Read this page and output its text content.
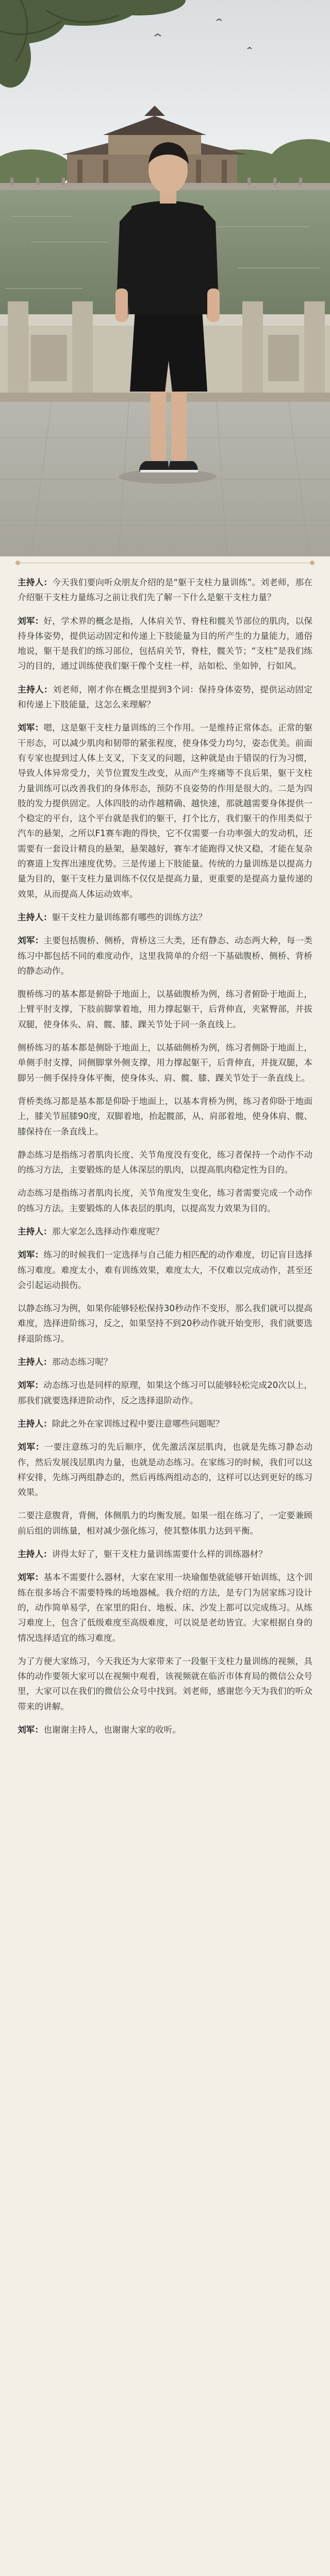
主持人：今天我们要向听众朋友介绍的是“躯干支柱力量训练”。刘老师，那在介绍躯干支柱力量练习之前让我们先了解一下什么是躯干支柱力量？

刘军：好，学术界的概念是指，人体肩关节、脊柱和髋关节部位的肌肉，以保持身体姿势，提供运动固定和传递上下肢能量为目的所产生的力量能力，通俗地说，躯干是我们的练习部位，包括肩关节，脊柱，髋关节；“支柱”是我们练习的目的，通过训练使我们躯干像个支柱一样，站如松、坐如钟，行如风。

主持人：刘老师，刚才你在概念里提到3个词：保持身体姿势，提供运动固定和传递上下肢能量，这怎么来理解？

刘军：嗯，这是躯干支柱力量训练的三个作用。一是维持正常体态。正常的躯干形态，可以减少肌肉和韧带的紧张程度，使身体受力均匀，姿态优美。前面有专家也提到过人体上支叉，下支叉的问题，这种就是由于错误的行为习惯，导致人体异常受力，关节位置发生改变，从而产生疼痛等不良后果，躯干支柱力量训练可以改善我们的身体形态，预防不良姿势的作用是很大的。二是为四肢的发力提供固定。人体四肢的动作越精确、越快速，那就越需要身体提供一个稳定的平台，这个平台就是我们的躯干，打个比方，我们躯干的作用类似于汽车的悬架，之所以F1赛车跑的得快，它不仅需要一台功率强大的发动机，还需要有一套设计精良的悬架，悬架越好，赛车才能跑得又快又稳，才能在复杂的赛道上发挥出速度优势。三是传递上下肢能量。传统的力量训练是以提高力量为目的，躯干支柱力量训练不仅仅是提高力量，更重要的是提高力量传递的效果，从而提高人体运动效率。

主持人：躯干支柱力量训练都有哪些的训练方法？

刘军：主要包括腹桥、侧桥，背桥这三大类，还有静态、动态两大种，每一类练习中都包括不同的难度动作，这里我简单的介绍一下基础腹桥、侧桥、背桥的静态动作。

腹桥练习的基本都是俯卧于地面上，以基础腹桥为例，练习者俯卧于地面上，上臂平肘支撑，下肢前脚掌着地，用力撑起躯干，后背伸直，夹紧臀部，并拔双腿，使身体头、肩、髋、膝、踝关节处于同一条直线上。

侧桥练习的基本都是侧卧于地面上，以基础侧桥为例，练习者侧卧于地面上，单侧手肘支撑，同侧脚掌外侧支撑，用力撑起躯干，后背伸直，并拢双腿，本脚另一侧手保持身体平衡，使身体头、肩、髋、膝、踝关节处于一条直线上。

背桥类练习都是基本都是仰卧于地面上，以基本背桥为例，练习者仰卧于地面上，膝关节屈膝90度，双脚着地，抬起髋部，从、肩部着地，使身体肩、髋、膝保持在一条直线上。

静态练习是指练习者肌肉长度、关节角度没有变化，练习者保持一个动作不动的练习方法，主要锻炼的是人体深层的肌肉，以提高肌肉稳定性为目的。

动态练习是指练习者肌肉长度，关节角度发生变化，练习者需要完成一个动作的练习方法。主要锻炼的人体表层的肌肉，以提高发力效果为目的。

主持人：那大家怎么选择动作难度呢？

刘军：练习的时候我们一定选择与自己能力相匹配的动作难度，切记盲目选择练习难度。难度太小，难有训练效果，难度太大，不仅难以完成动作，甚至还会引起运动损伤。

以静态练习为例，如果你能够轻松保持30秒动作不变形，那么我们就可以提高难度，选择进阶练习，反之，如果坚持不到20秒动作就开始变形，我们就要选择退阶练习。

主持人：那动态练习呢？

刘军：动态练习也是同样的原理，如果这个练习可以能够轻松完成20次以上，那我们就要选择进阶动作，反之选择退阶动作。

主持人：除此之外在家训练过程中要注意哪些问题呢？

刘军：一要注意练习的先后顺序，优先激活深层肌肉，也就是先练习静态动作，然后发展浅层肌肉力量，也就是动态练习。在家练习的时候，我们可以这样安排，先练习两组静态的，然后再练两组动态的，这样可以达到更好的练习效果。

二要注意腹背，背侧，体侧肌力的均衡发展。如果一组在练习了，一定要兼顾前后组的训练量，相对减少强化练习，使其整体肌力达到平衡。

主持人：讲得太好了，躯干支柱力量训练需要什么样的训练器材？

刘军：基本不需要什么器材，大家在家用一块瑜伽垫就能够开始训练，这个训练在很多场合不需要特殊的场地器械。我介绍的方法，是专门为居家练习设计的，动作简单易学，在家里的阳台、地板、床、沙发上都可以完成练习。从练习难度上，包含了低级难度至高级难度，可以说是老幼皆宜。大家根据自身的情况选择适宜的练习难度。

为了方便大家练习，今天我还为大家带来了一段躯干支柱力量训练的视频，具体的动作要领大家可以在视频中观看，该视频就在临沂市体育局的微信公众号里，大家可以在我们的微信公众号中找到。刘老师，感谢您今天为我们的听众带来的讲解。

刘军：也谢谢主持人，也谢谢大家的收听。
